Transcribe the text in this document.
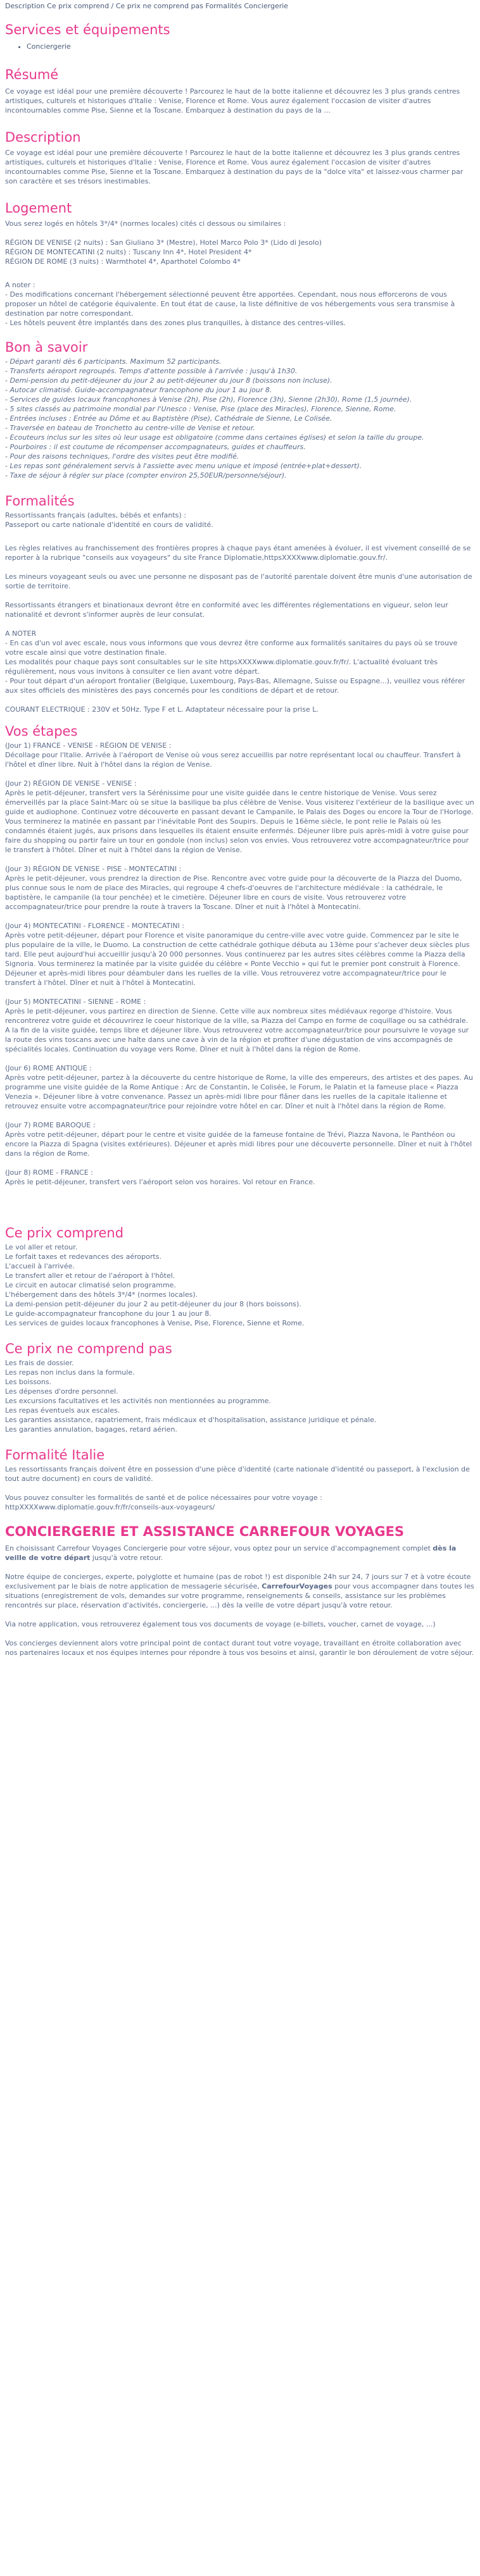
Description Ce prix comprend / Ce prix ne comprend pas Formalités Conciergerie
Services et équipements
• Conciergerie
Résumé

Ce voyage est idéal pour une première découverte ! Parcourez le haut de la botte italienne et découvrez les 3 plus grands centres artistiques, culturels et historiques d'Italie : Venise, Florence et Rome. Vous aurez également l'occasion de visiter d'autres incontournables comme Pise, Sienne et la Toscane. Embarquez à destination du pays de la ...

Description

Ce voyage est idéal pour une première découverte ! Parcourez le haut de la botte italienne et découvrez les 3 plus grands centres artistiques, culturels et historiques d'Italie : Venise, Florence et Rome. Vous aurez également l'occasion de visiter d'autres incontournables comme Pise, Sienne et la Toscane. Embarquez à destination du pays de la "dolce vita" et laissez-vous charmer par son caractère et ses trésors inestimables.

Logement

Vous serez logés en hôtels 3*/4* (normes locales) cités ci dessous ou similaires :

RÉGION DE VENISE (2 nuits) : San Giuliano 3* (Mestre), Hotel Marco Polo 3* (Lido di Jesolo)

RÉGION DE MONTECATINI (2 nuits) : Tuscany Inn 4*, Hotel President 4*

RÉGION DE ROME (3 nuits) : Warmthotel 4*, Aparthotel Colombo 4*

A noter :

- Des modifications concernant l'hébergement sélectionné peuvent être apportées. Cependant, nous nous efforcerons de vous proposer un hôtel de catégorie équivalente. En tout état de cause, la liste définitive de vos hébergements vous sera transmise à destination par notre correspondant.

- Les hôtels peuvent être implantés dans des zones plus tranquilles, à distance des centres-villes.

Bon à savoir

- Départ garanti dès 6 participants. Maximum 52 participants.

- Transferts aéroport regroupés. Temps d'attente possible à l'arrivée : jusqu'à 1h30.

- Demi-pension du petit-déjeuner du jour 2 au petit-déjeuner du jour 8 (boissons non incluse).

- Autocar climatisé. Guide-accompagnateur francophone du jour 1 au jour 8.

- Services de guides locaux francophones à Venise (2h), Pise (2h), Florence (3h), Sienne (2h30), Rome (1,5 journée).

- 5 sites classés au patrimoine mondial par l'Unesco : Venise, Pise (place des Miracles), Florence, Sienne, Rome.

- Entrées incluses : Entrée au Dôme et au Baptistère (Pise), Cathédrale de Sienne, Le Colisée.

- Traversée en bateau de Tronchetto au centre-ville de Venise et retour.

- Ecouteurs inclus sur les sites où leur usage est obligatoire (comme dans certaines églises) et selon la taille du groupe.

- Pourboires : il est coutume de récompenser accompagnateurs, guides et chauffeurs.

- Pour des raisons techniques, l'ordre des visites peut être modifié.

- Les repas sont généralement servis à l'assiette avec menu unique et imposé (entrée+plat+dessert).

- Taxe de séjour à régler sur place (compter environ 25,50EUR/personne/séjour).

Formalités

Ressortissants français (adultes, bébés et enfants) :
Passeport ou carte nationale d'identité en cours de validité.

Les règles relatives au franchissement des frontières propres à chaque pays étant amenées à évoluer, il est vivement conseillé de se reporter à la rubrique "conseils aux voyageurs" du site France Diplomatie,httpsXXXXwww.diplomatie.gouv.fr/.

Les mineurs voyageant seuls ou avec une personne ne disposant pas de l'autorité parentale doivent être munis d'une autorisation de sortie de territoire.

Ressortissants étrangers et binationaux devront être en conformité avec les différentes réglementations en vigueur, selon leur nationalité et devront s'informer auprès de leur consulat.

A NOTER
- En cas d'un vol avec escale, nous vous informons que vous devrez être conforme aux formalités sanitaires du pays où se trouve votre escale ainsi que votre destination finale.
Les modalités pour chaque pays sont consultables sur le site httpsXXXXwww.diplomatie.gouv.fr/fr/. L'actualité évoluant très régulièrement, nous vous invitons à consulter ce lien avant votre départ.
- Pour tout départ d'un aéroport frontalier (Belgique, Luxembourg, Pays-Bas, Allemagne, Suisse ou Espagne...), veuillez vous référer aux sites officiels des ministères des pays concernés pour les conditions de départ et de retour.

COURANT ELECTRIQUE : 230V et 50Hz. Type F et L. Adaptateur nécessaire pour la prise L.

Vos étapes

(Jour 1) FRANCE - VENISE - RÉGION DE VENISE :
Décollage pour l'Italie. Arrivée à l'aéroport de Venise où vous serez accueillis par notre représentant local ou chauffeur. Transfert à l'hôtel et dîner libre. Nuit à l'hôtel dans la région de Venise.

(Jour 2) RÉGION DE VENISE - VENISE :
Après le petit-déjeuner, transfert vers la Sérénissime pour une visite guidée dans le centre historique de Venise. Vous serez émerveillés par la place Saint-Marc où se situe la basilique ba plus célèbre de Venise. Vous visiterez l'extérieur de la basilique avec un guide et audiophone. Continuez votre découverte en passant devant le Campanile, le Palais des Doges ou encore la Tour de l'Horloge. Vous terminerez la matinée en passant par l'inévitable Pont des Soupirs. Depuis le 16ème siècle, le pont relie le Palais où les condamnés étaient jugés, aux prisons dans lesquelles ils étaient ensuite enfermés. Déjeuner libre puis après-midi à votre guise pour faire du shopping ou partir faire un tour en gondole (non inclus) selon vos envies. Vous retrouverez votre accompagnateur/trice pour le transfert à l'hôtel. Dîner et nuit à l'hôtel dans la région de Venise.

(Jour 3) RÉGION DE VENISE - PISE - MONTECATINI :
Après le petit-déjeuner, vous prendrez la direction de Pise. Rencontre avec votre guide pour la découverte de la Piazza del Duomo, plus connue sous le nom de place des Miracles, qui regroupe 4 chefs-d'oeuvres de l'architecture médiévale : la cathédrale, le baptistère, le campanile (la tour penchée) et le cimetière. Déjeuner libre en cours de visite. Vous retrouverez votre accompagnateur/trice pour prendre la route à travers la Toscane. Dîner et nuit à l'hôtel à Montecatini.

(Jour 4) MONTECATINI - FLORENCE - MONTECATINI :
Après votre petit-déjeuner, départ pour Florence et visite panoramique du centre-ville avec votre guide. Commencez par le site le plus populaire de la ville, le Duomo. La construction de cette cathédrale gothique débuta au 13ème pour s'achever deux siècles plus tard. Elle peut aujourd'hui accueillir jusqu'à 20 000 personnes. Vous continuerez par les autres sites célèbres comme la Piazza della Signoria. Vous terminerez la matinée par la visite guidée du célèbre « Ponte Vecchio » qui fut le premier pont construit à Florence. Déjeuner et après-midi libres pour déambuler dans les ruelles de la ville. Vous retrouverez votre accompagnateur/trice pour le transfert à l'hôtel. Dîner et nuit à l'hôtel à Montecatini.

(Jour 5) MONTECATINI - SIENNE - ROME :
Après le petit-déjeuner, vous partirez en direction de Sienne. Cette ville aux nombreux sites médiévaux regorge d'histoire. Vous rencontrerez votre guide et découvrirez le coeur historique de la ville, sa Piazza del Campo en forme de coquillage ou sa cathédrale. A la fin de la visite guidée, temps libre et déjeuner libre. Vous retrouverez votre accompagnateur/trice pour poursuivre le voyage sur la route des vins toscans avec une halte dans une cave à vin de la région et profiter d'une dégustation de vins accompagnés de spécialités locales. Continuation du voyage vers Rome. Dîner et nuit à l'hôtel dans la région de Rome.

(Jour 6) ROME ANTIQUE :
Après votre petit-déjeuner, partez à la découverte du centre historique de Rome, la ville des empereurs, des artistes et des papes. Au programme une visite guidée de la Rome Antique : Arc de Constantin, le Colisée, le Forum, le Palatin et la fameuse place « Piazza Venezia ». Déjeuner libre à votre convenance. Passez un après-midi libre pour flâner dans les ruelles de la capitale italienne et retrouvez ensuite votre accompagnateur/trice pour rejoindre votre hôtel en car. Dîner et nuit à l'hôtel dans la région de Rome.

(Jour 7) ROME BAROQUE :
Après votre petit-déjeuner, départ pour le centre et visite guidée de la fameuse fontaine de Trévi, Piazza Navona, le Panthéon ou encore la Piazza di Spagna (visites extérieures). Déjeuner et après midi libres pour une découverte personnelle. Dîner et nuit à l'hôtel dans la région de Rome.

(Jour 8) ROME - FRANCE :
Après le petit-déjeuner, transfert vers l'aéroport selon vos horaires. Vol retour en France.

Ce prix comprend

Le vol aller et retour.

Le forfait taxes et redevances des aéroports.

L'accueil à l'arrivée.

Le transfert aller et retour de l'aéroport à l'hôtel.

Le circuit en autocar climatisé selon programme.

L'hébergement dans des hôtels 3*/4* (normes locales).

La demi-pension petit-déjeuner du jour 2 au petit-déjeuner du jour 8 (hors boissons).

Le guide-accompagnateur francophone du jour 1 au jour 8.

Les services de guides locaux francophones à Venise, Pise, Florence, Sienne et Rome.

Ce prix ne comprend pas

Les frais de dossier.

Les repas non inclus dans la formule.

Les boissons.

Les dépenses d'ordre personnel.

Les excursions facultatives et les activités non mentionnées au programme.

Les repas éventuels aux escales.

Les garanties assistance, rapatriement, frais médicaux et d'hospitalisation, assistance juridique et pénale.

Les garanties annulation, bagages, retard aérien.

Formalité Italie

Les ressortissants français doivent être en possession d'une pièce d'identité (carte nationale d'identité ou passeport, à l'exclusion de tout autre document) en cours de validité.

Vous pouvez consulter les formalités de santé et de police nécessaires pour votre voyage :
httpXXXXwww.diplomatie.gouv.fr/fr/conseils-aux-voyageurs/

CONCIERGERIE ET ASSISTANCE CARREFOUR VOYAGES

En choisissant Carrefour Voyages Conciergerie pour votre séjour, vous optez pour un service d'accompagnement complet dès la veille de votre départ jusqu'à votre retour.

Notre équipe de concierges, experte, polyglotte et humaine (pas de robot !) est disponible 24h sur 24, 7 jours sur 7 et à votre écoute exclusivement par le biais de notre application de messagerie sécurisée, CarrefourVoyages pour vous accompagner dans toutes les situations (enregistrement de vols, demandes sur votre programme, renseignements & conseils, assistance sur les problèmes rencontrés sur place, réservation d'activités, conciergerie, ...) dès la veille de votre départ jusqu'à votre retour.

Via notre application, vous retrouverez également tous vos documents de voyage (e-billets, voucher, carnet de voyage, ...)

Vos concierges deviennent alors votre principal point de contact durant tout votre voyage, travaillant en étroite collaboration avec nos partenaires locaux et nos équipes internes pour répondre à tous vos besoins et ainsi, garantir le bon déroulement de votre séjour.
